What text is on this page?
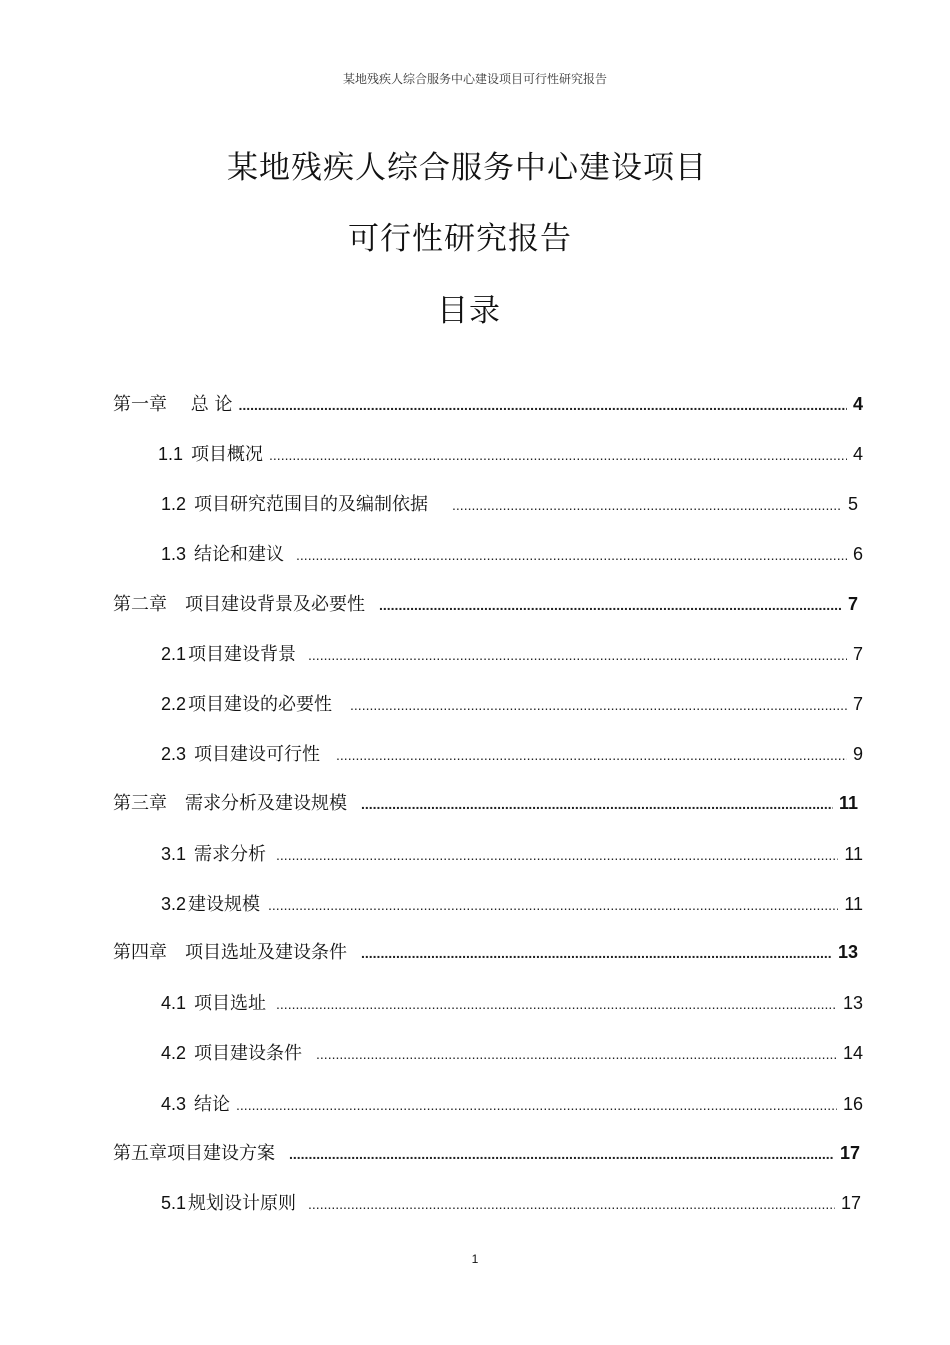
某地残疾人综合服务中心建设项目可行性研究报告
某地残疾人综合服务中心建设项目
可行性研究报告
目录
第一章　 总 论 .....	4
1.1 项目概况 .....	4
1.2 项目研究范围目的及编制依据 .....	5
1.3 结论和建议 .....	6
第二章　项目建设背景及必要性 .....	7
2.1 项目建设背景 .....	7
2.2 项目建设的必要性 .....	7
2.3 项目建设可行性 .....	9
第三章　需求分析及建设规模 .....	11
3.1 需求分析 .....	11
3.2 建设规模 .....	11
第四章　项目选址及建设条件 .....	13
4.1 项目选址 .....	13
4.2 项目建设条件 .....	14
4.3 结论 .....	16
第五章项目建设方案 .....	17
5.1 规划设计原则 .....	17
1
